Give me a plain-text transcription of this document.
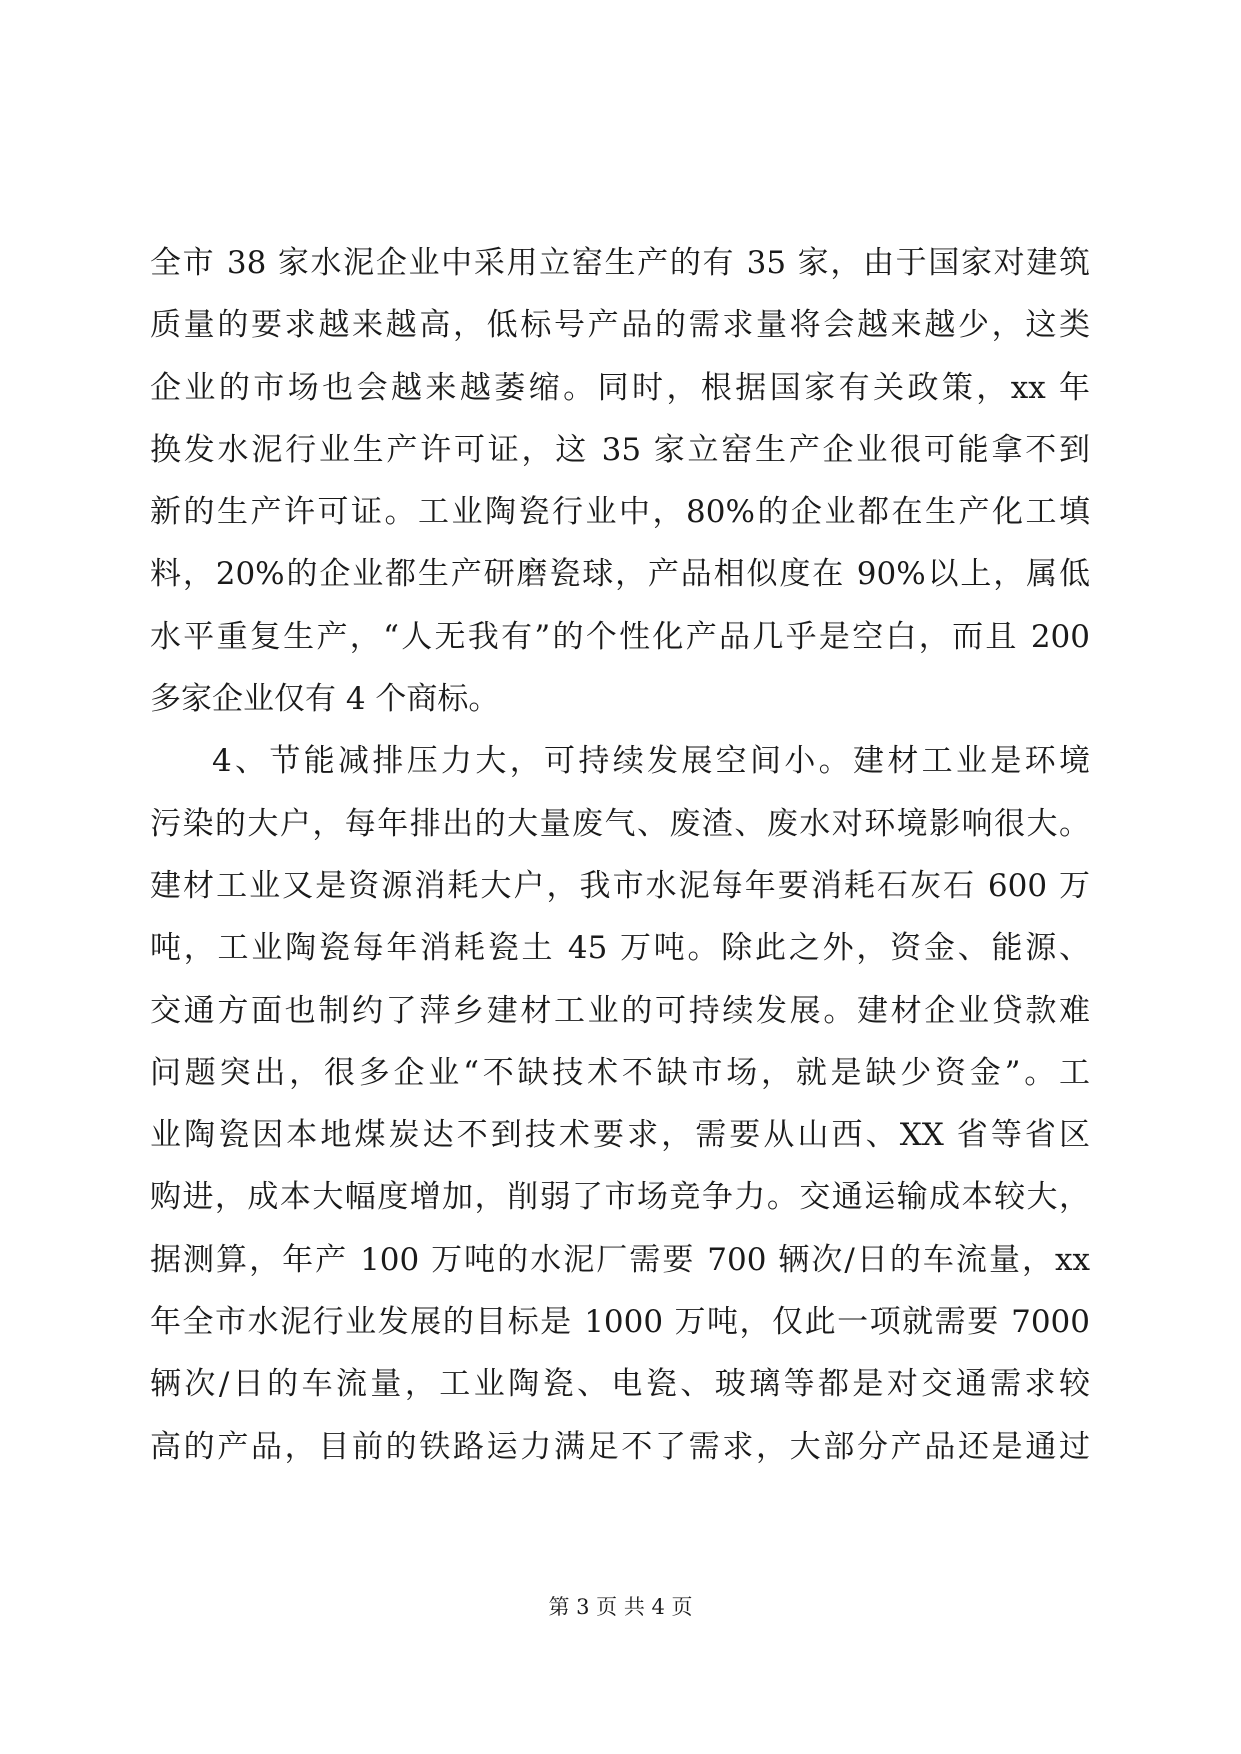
全市 38 家水泥企业中采用立窑生产的有 35 家，由于国家对建筑
质量的要求越来越高，低标号产品的需求量将会越来越少，这类
企业的市场也会越来越萎缩。同时，根据国家有关政策，xx 年
换发水泥行业生产许可证，这 35 家立窑生产企业很可能拿不到
新的生产许可证。工业陶瓷行业中，80%的企业都在生产化工填
料，20%的企业都生产研磨瓷球，产品相似度在 90%以上，属低
水平重复生产，“人无我有”的个性化产品几乎是空白，而且 200
多家企业仅有 4 个商标。
4、节能减排压力大，可持续发展空间小。建材工业是环境
污染的大户，每年排出的大量废气、废渣、废水对环境影响很大。
建材工业又是资源消耗大户，我市水泥每年要消耗石灰石 600 万
吨，工业陶瓷每年消耗瓷土 45 万吨。除此之外，资金、能源、
交通方面也制约了萍乡建材工业的可持续发展。建材企业贷款难
问题突出，很多企业“不缺技术不缺市场，就是缺少资金”。工
业陶瓷因本地煤炭达不到技术要求，需要从山西、XX 省等省区
购进，成本大幅度增加，削弱了市场竞争力。交通运输成本较大，
据测算，年产 100 万吨的水泥厂需要 700 辆次/日的车流量，xx
年全市水泥行业发展的目标是 1000 万吨，仅此一项就需要 7000
辆次/日的车流量，工业陶瓷、电瓷、玻璃等都是对交通需求较
高的产品，目前的铁路运力满足不了需求，大部分产品还是通过
第 3 页 共 4 页
